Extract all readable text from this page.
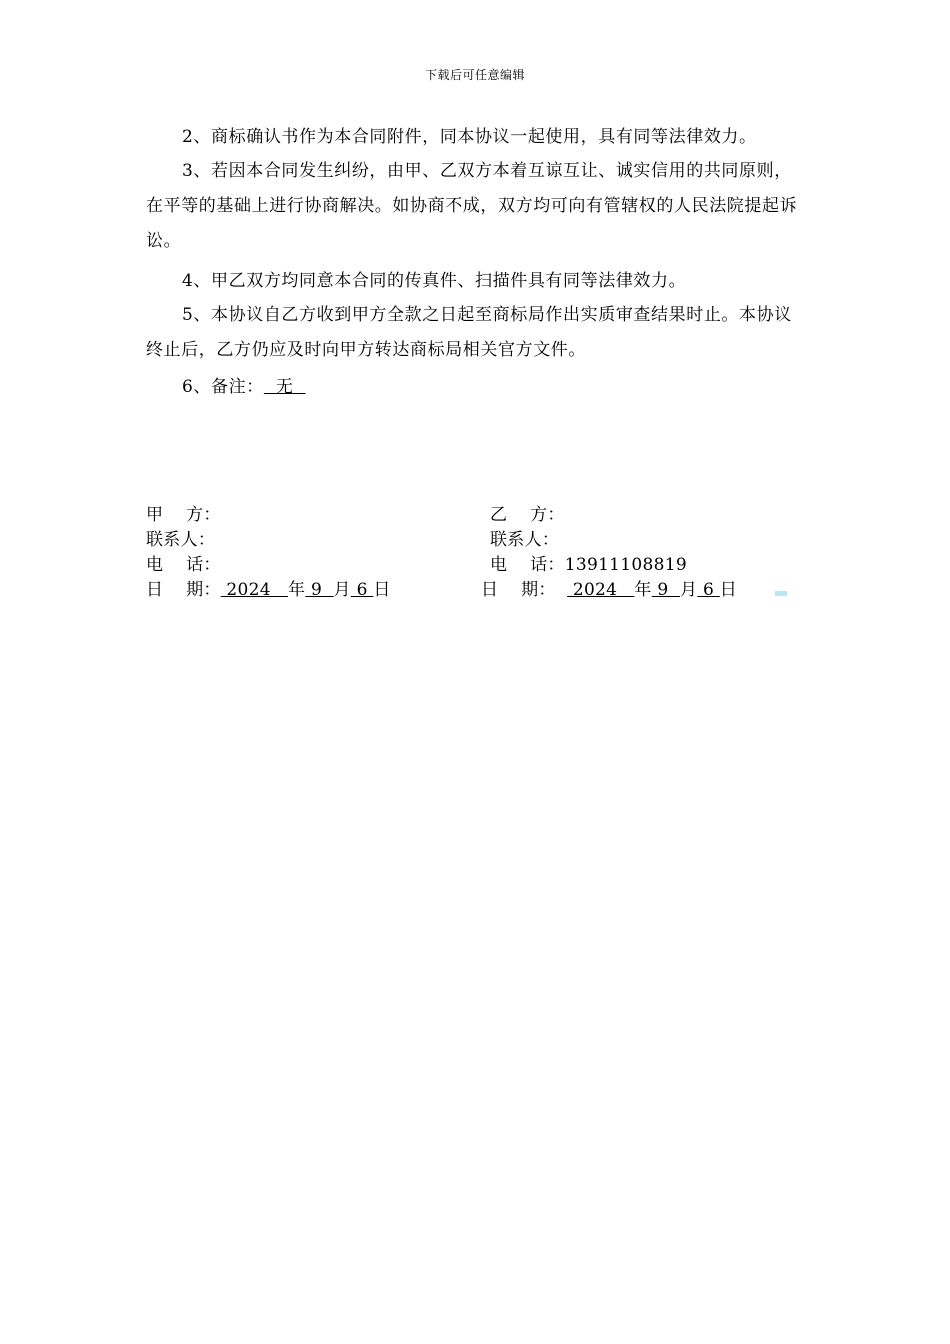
下载后可任意编辑
2、商标确认书作为本合同附件，同本协议一起使用，具有同等法律效力。
3、若因本合同发生纠纷，由甲、乙双方本着互谅互让、诚实信用的共同原则， 在平等的基础上进行协商解决。如协商不成，双方均可向有管辖权的人民法院提起诉讼。
4、甲乙双方均同意本合同的传真件、扫描件具有同等法律效力。
5、本协议自乙方收到甲方全款之日起至商标局作出实质审查结果时止。本协议终止后，乙方仍应及时向甲方转达商标局相关官方文件。
6、备注：  无
甲    方：
联系人：
电    话：
日    期： 2024   年 9  月 6 日
乙    方：
联系人：
电    话：13911108819
日    期：   2024   年 9  月 6 日
